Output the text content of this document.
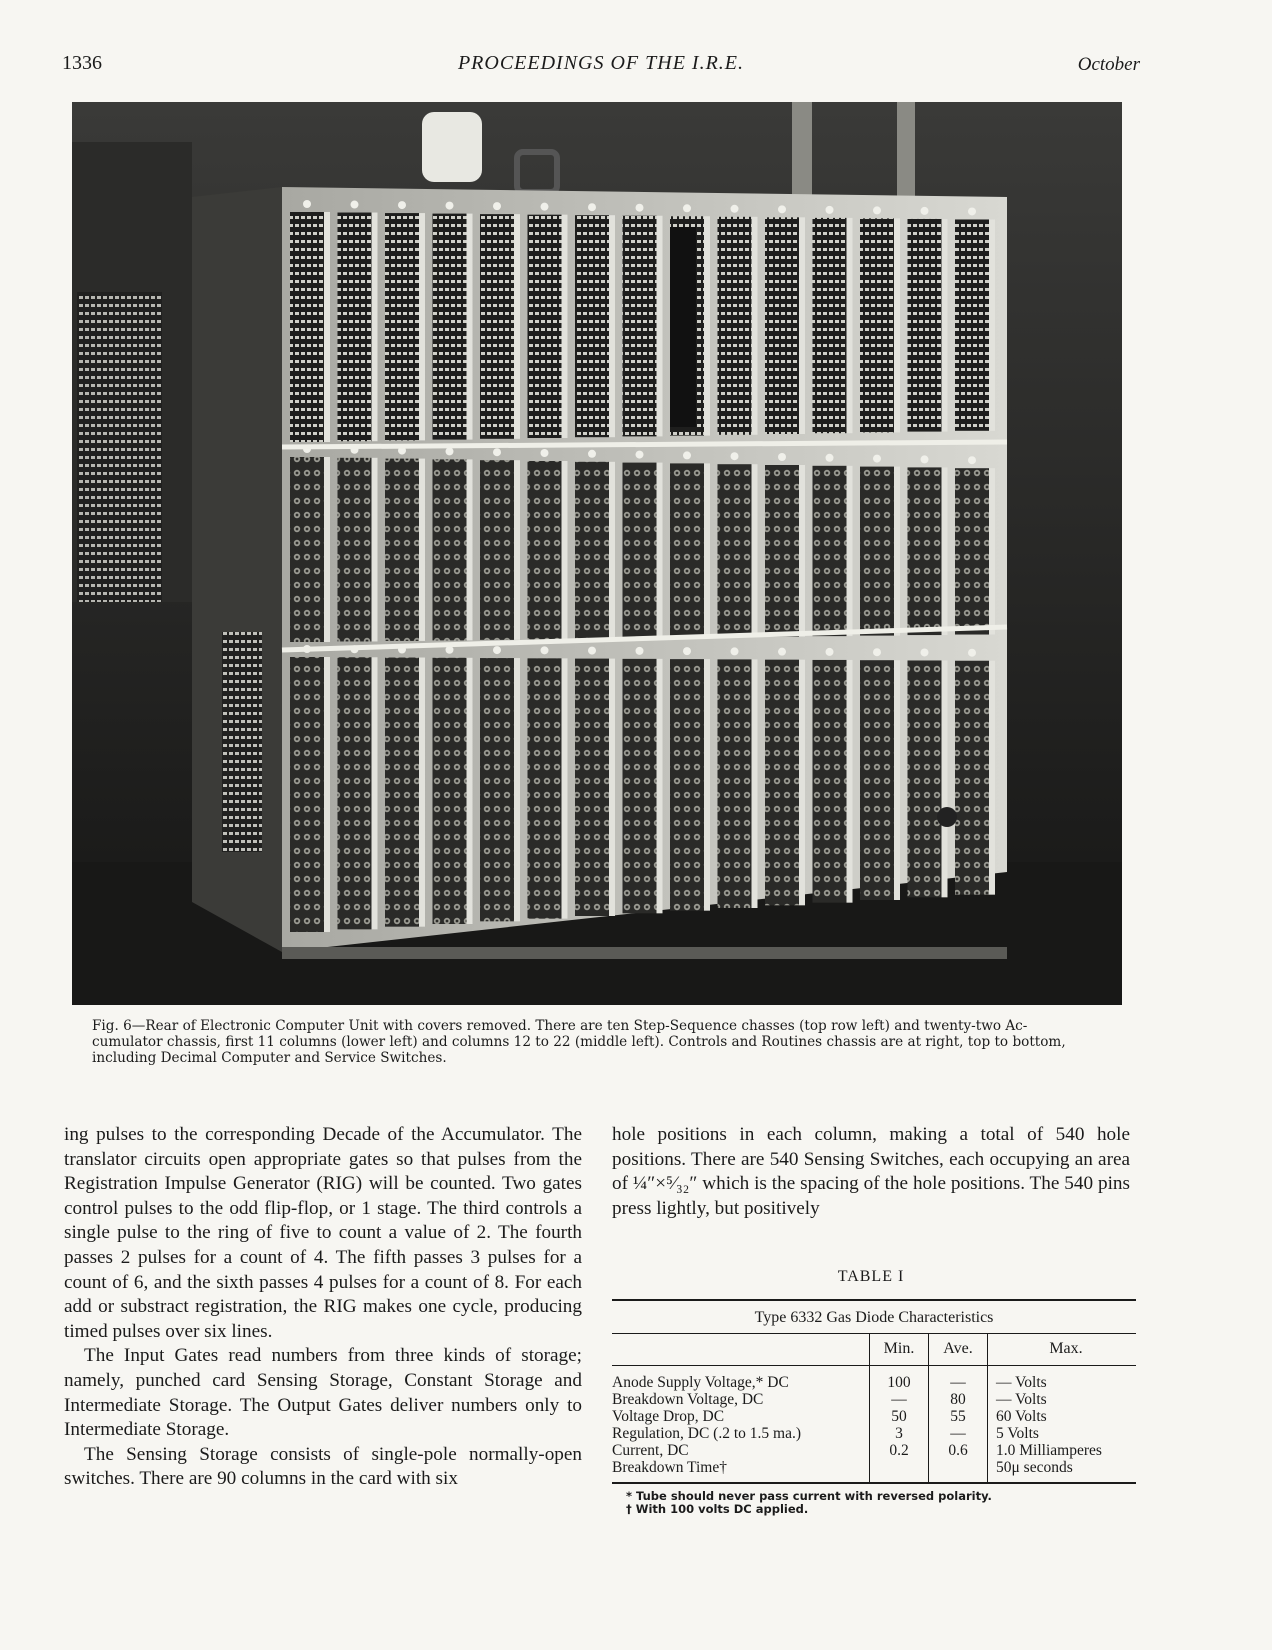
1336	PROCEEDINGS OF THE I.R.E.	October
Fig. 6—Rear of Electronic Computer Unit with covers removed. There are ten Step-Sequence chasses (top row left) and twenty-two Ac-
cumulator chassis, first 11 columns (lower left) and columns 12 to 22 (middle left). Controls and Routines chassis are at right, top to bottom,
including Decimal Computer and Service Switches.

ing pulses to the corresponding Decade of the Accumulator. The translator circuits open appropriate gates so that pulses from the Registration Impulse Generator (RIG) will be counted. Two gates control pulses to the odd flip-flop, or 1 stage. The third controls a single pulse to the ring of five to count a value of 2. The fourth passes 2 pulses for a count of 4. The fifth passes 3 pulses for a count of 6, and the sixth passes 4 pulses for a count of 8. For each add or substract registration, the RIG makes one cycle, producing timed pulses over six lines.

The Input Gates read numbers from three kinds of storage; namely, punched card Sensing Storage, Constant Storage and Intermediate Storage. The Output Gates deliver numbers only to Intermediate Storage.

The Sensing Storage consists of single-pole normally-open switches. There are 90 columns in the card with six

hole positions in each column, making a total of 540 hole positions. There are 540 Sensing Switches, each occupying an area of ¼″×⁵⁄₃₂″ which is the spacing of the hole positions. The 540 pins press lightly, but positively

TABLE I
Type 6332 Gas Diode Characteristics
	Min.	Ave.	Max.
Anode Supply Voltage,* DC	100	—	— Volts
Breakdown Voltage, DC	—	80	— Volts
Voltage Drop, DC	50	55	60 Volts
Regulation, DC (.2 to 1.5 ma.)	3	—	5 Volts
Current, DC	0.2	0.6	1.0 Milliamperes
Breakdown Time†			50μ seconds
* Tube should never pass current with reversed polarity.
† With 100 volts DC applied.
